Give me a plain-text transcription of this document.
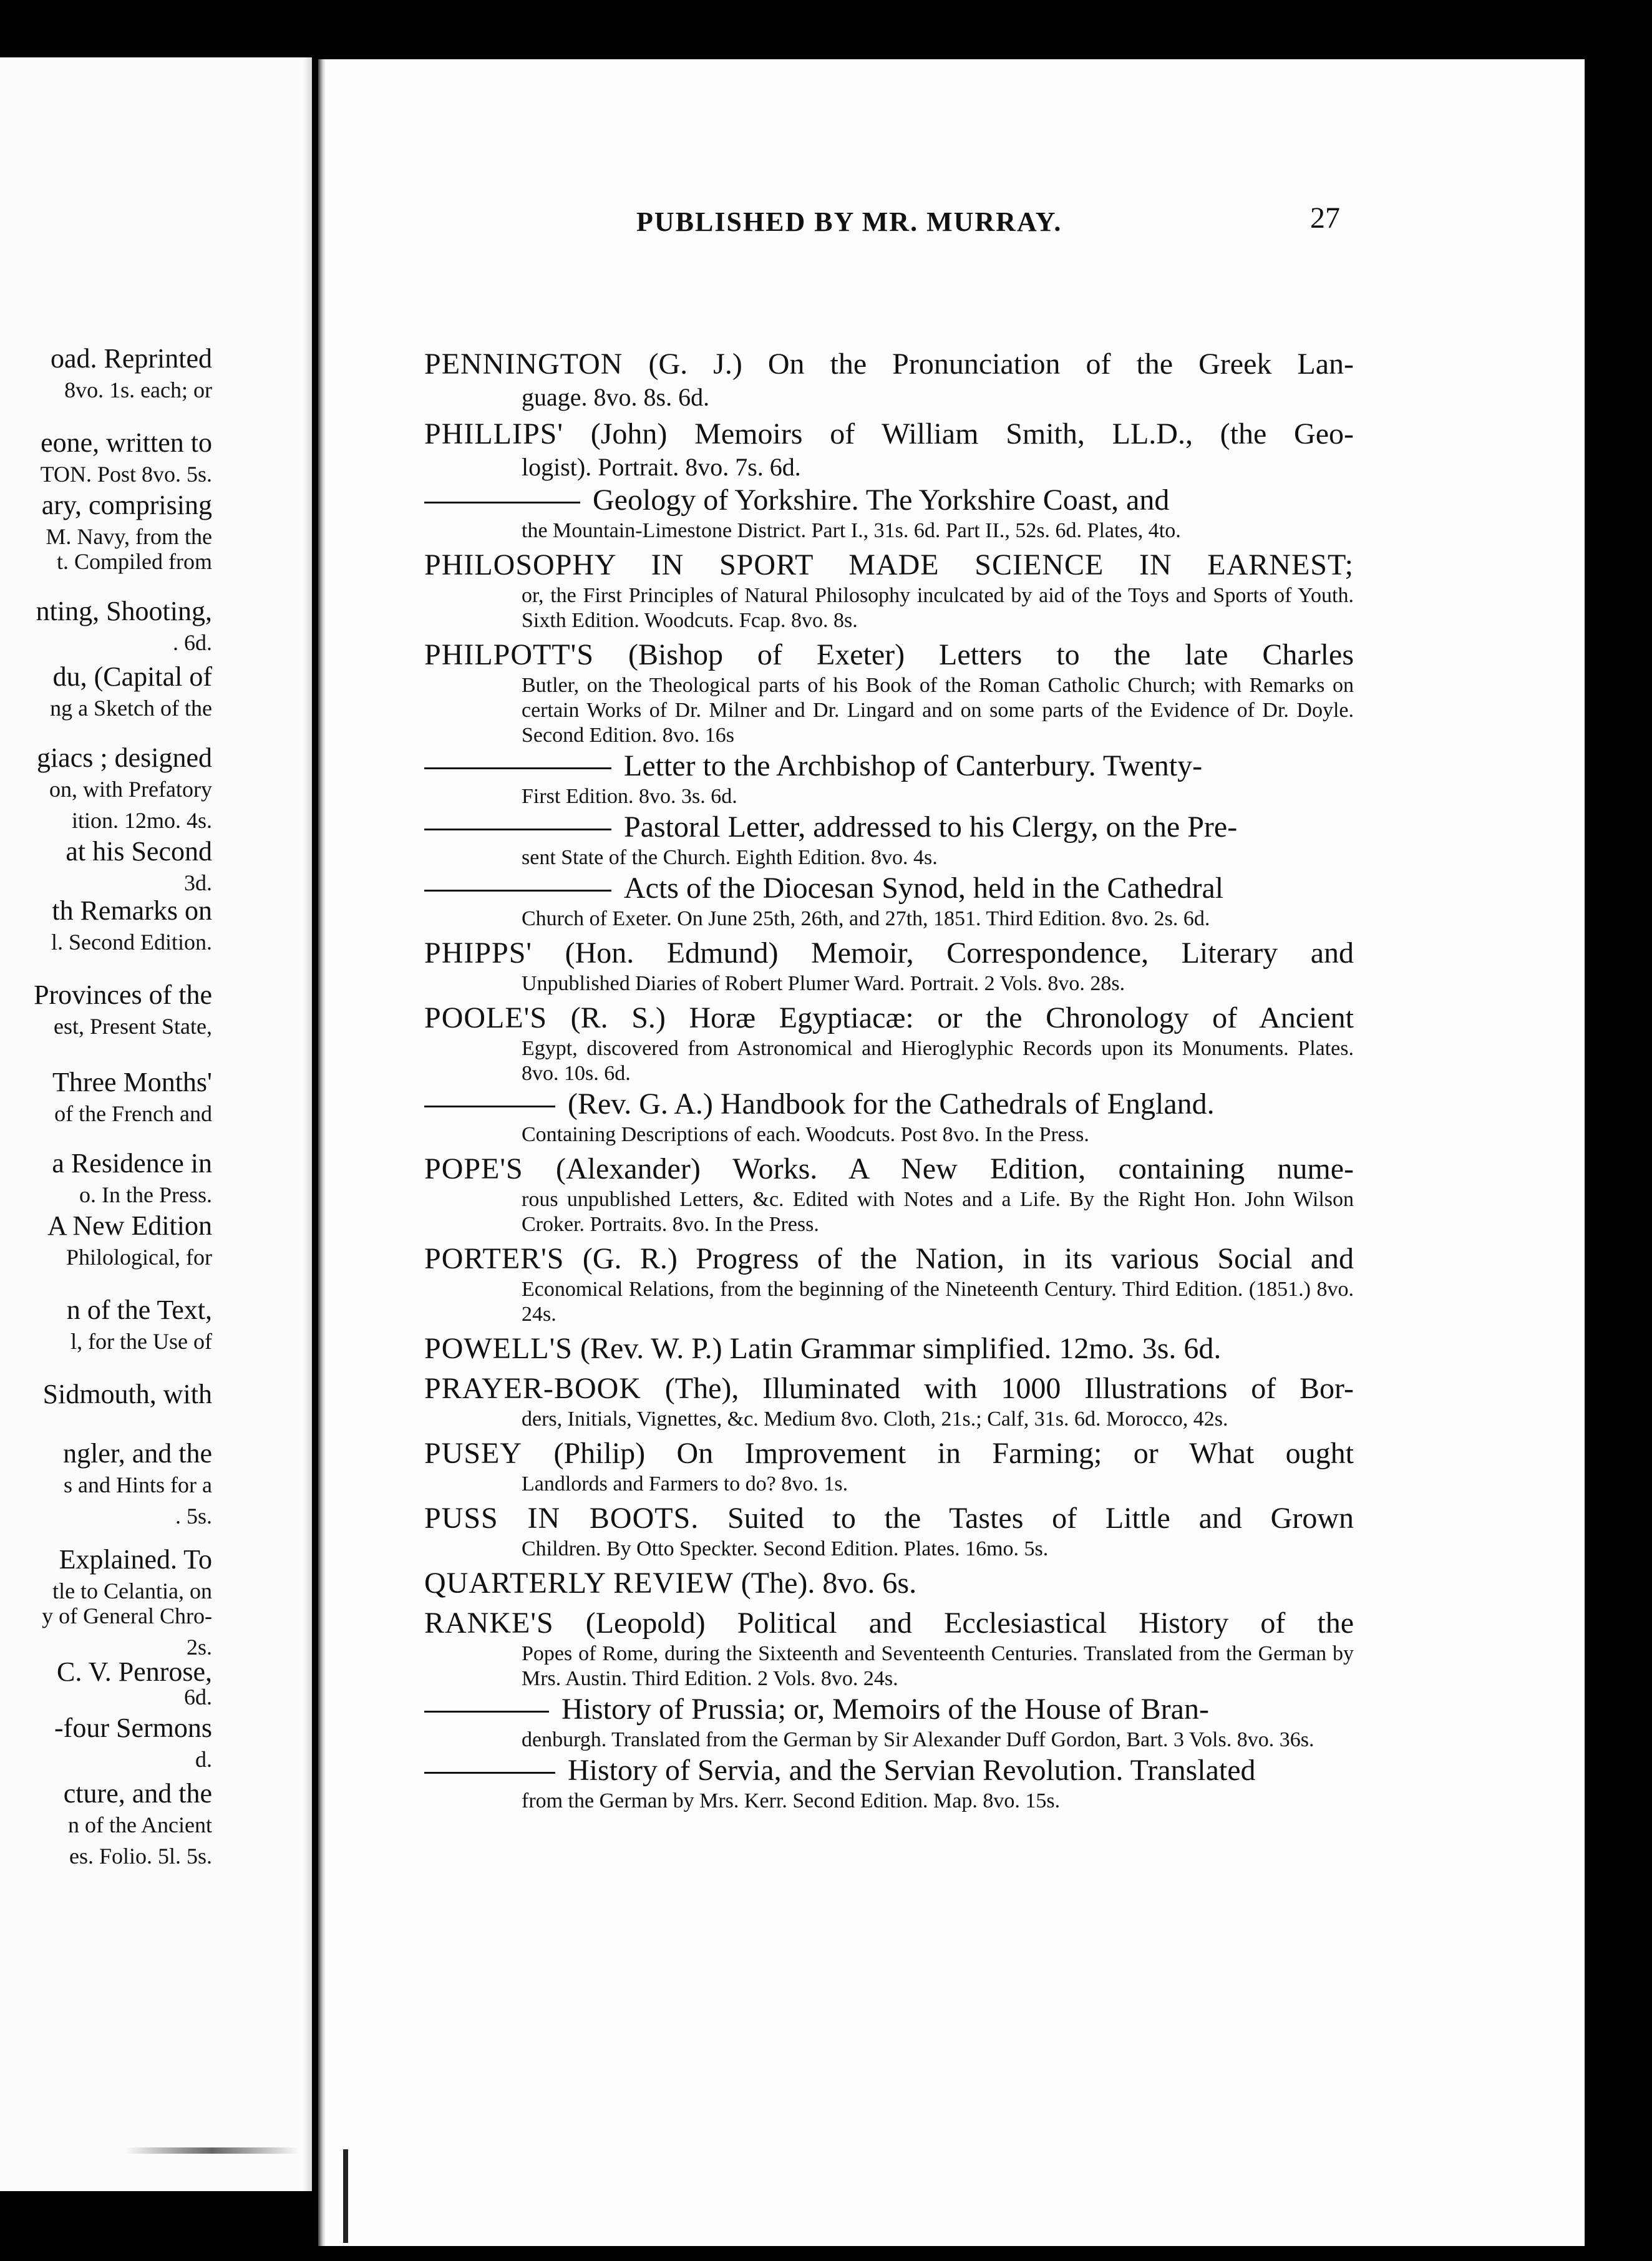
oad. Reprinted
8vo. 1s. each; or
eone, written to
TON. Post 8vo. 5s.
ary, comprising
M. Navy, from the
t. Compiled from
nting, Shooting,
. 6d.
du, (Capital of
ng a Sketch of the
giacs ; designed
on, with Prefatory
ition. 12mo. 4s.
at his Second
3d.
th Remarks on
l. Second Edition.
Provinces of the
est, Present State,
Three Months'
of the French and
a Residence in
o. In the Press.
A New Edition
Philological, for
n of the Text,
l, for the Use of
Sidmouth, with
ngler, and the
s and Hints for a
. 5s.
Explained. To
tle to Celantia, on
y of General Chro-
2s.
C. V. Penrose,
6d.
-four Sermons
d.
cture, and the
n of the Ancient
es. Folio. 5l. 5s.
PUBLISHED BY MR. MURRAY.	27
PENNINGTON (G. J.) On the Pronunciation of the Greek Lan-
guage. 8vo. 8s. 6d.
PHILLIPS' (John) Memoirs of William Smith, LL.D., (the Geo-
logist). Portrait. 8vo. 7s. 6d.
Geology of Yorkshire. The Yorkshire Coast, and
the Mountain-Limestone District. Part I., 31s. 6d. Part II., 52s. 6d. Plates, 4to.
PHILOSOPHY IN SPORT MADE SCIENCE IN EARNEST;
or, the First Principles of Natural Philosophy inculcated by aid of the Toys and Sports of Youth. Sixth Edition. Woodcuts. Fcap. 8vo. 8s.
PHILPOTT'S (Bishop of Exeter) Letters to the late Charles
Butler, on the Theological parts of his Book of the Roman Catholic Church; with Remarks on certain Works of Dr. Milner and Dr. Lingard and on some parts of the Evidence of Dr. Doyle. Second Edition. 8vo. 16s
Letter to the Archbishop of Canterbury. Twenty-
First Edition. 8vo. 3s. 6d.
Pastoral Letter, addressed to his Clergy, on the Pre-
sent State of the Church. Eighth Edition. 8vo. 4s.
Acts of the Diocesan Synod, held in the Cathedral
Church of Exeter. On June 25th, 26th, and 27th, 1851. Third Edition. 8vo. 2s. 6d.
PHIPPS' (Hon. Edmund) Memoir, Correspondence, Literary and
Unpublished Diaries of Robert Plumer Ward. Portrait. 2 Vols. 8vo. 28s.
POOLE'S (R. S.) Horæ Egyptiacæ: or the Chronology of Ancient
Egypt, discovered from Astronomical and Hieroglyphic Records upon its Monuments. Plates. 8vo. 10s. 6d.
(Rev. G. A.) Handbook for the Cathedrals of England.
Containing Descriptions of each. Woodcuts. Post 8vo. In the Press.
POPE'S (Alexander) Works. A New Edition, containing nume-
rous unpublished Letters, &c. Edited with Notes and a Life. By the Right Hon. John Wilson Croker. Portraits. 8vo. In the Press.
PORTER'S (G. R.) Progress of the Nation, in its various Social and
Economical Relations, from the beginning of the Nineteenth Century. Third Edition. (1851.) 8vo. 24s.
POWELL'S (Rev. W. P.) Latin Grammar simplified. 12mo. 3s. 6d.
PRAYER-BOOK (The), Illuminated with 1000 Illustrations of Bor-
ders, Initials, Vignettes, &c. Medium 8vo. Cloth, 21s.; Calf, 31s. 6d. Morocco, 42s.
PUSEY (Philip) On Improvement in Farming; or What ought
Landlords and Farmers to do? 8vo. 1s.
PUSS IN BOOTS. Suited to the Tastes of Little and Grown
Children. By Otto Speckter. Second Edition. Plates. 16mo. 5s.
QUARTERLY REVIEW (The). 8vo. 6s.
RANKE'S (Leopold) Political and Ecclesiastical History of the
Popes of Rome, during the Sixteenth and Seventeenth Centuries. Translated from the German by Mrs. Austin. Third Edition. 2 Vols. 8vo. 24s.
History of Prussia; or, Memoirs of the House of Bran-
denburgh. Translated from the German by Sir Alexander Duff Gordon, Bart. 3 Vols. 8vo. 36s.
History of Servia, and the Servian Revolution. Translated
from the German by Mrs. Kerr. Second Edition. Map. 8vo. 15s.
